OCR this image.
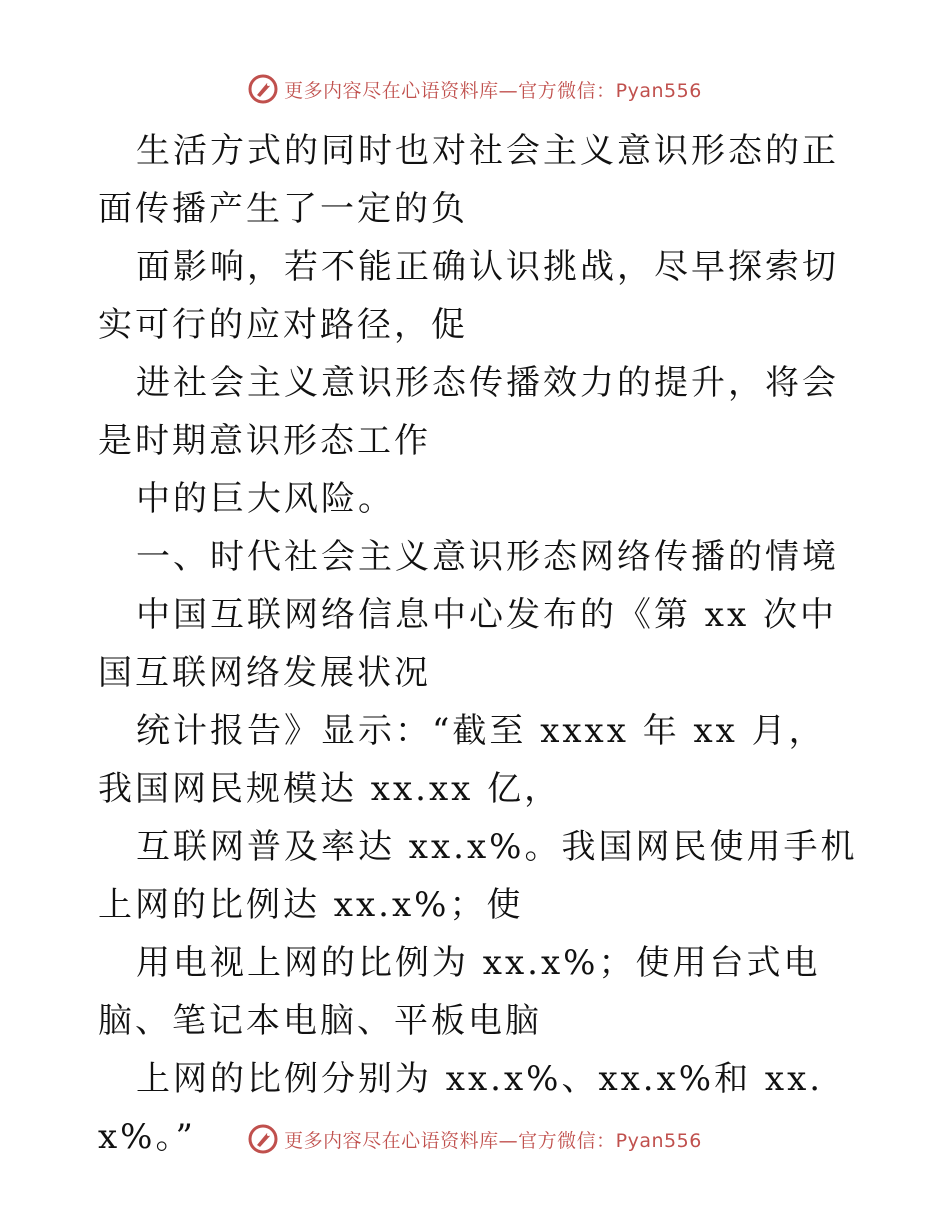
更多内容尽在心语资料库—官方微信：Pyan556

生活方式的同时也对社会主义意识形态的正面传播产生了一定的负

面影响，若不能正确认识挑战，尽早探索切实可行的应对路径，促

进社会主义意识形态传播效力的提升，将会是时期意识形态工作

中的巨大风险。

一、时代社会主义意识形态网络传播的情境

中国互联网络信息中心发布的《第 xx 次中国互联网络发展状况

统计报告》显示：“截至 xxxx 年 xx 月，我国网民规模达 xx.xx 亿，

互联网普及率达 xx.x%。我国网民使用手机上网的比例达 xx.x%；使

用电视上网的比例为 xx.x%；使用台式电脑、笔记本电脑、平板电脑

上网的比例分别为 xx.x%、xx.x%和 xx.x%。”	更多内容尽在心语资料库—官方微信：Pyan556
